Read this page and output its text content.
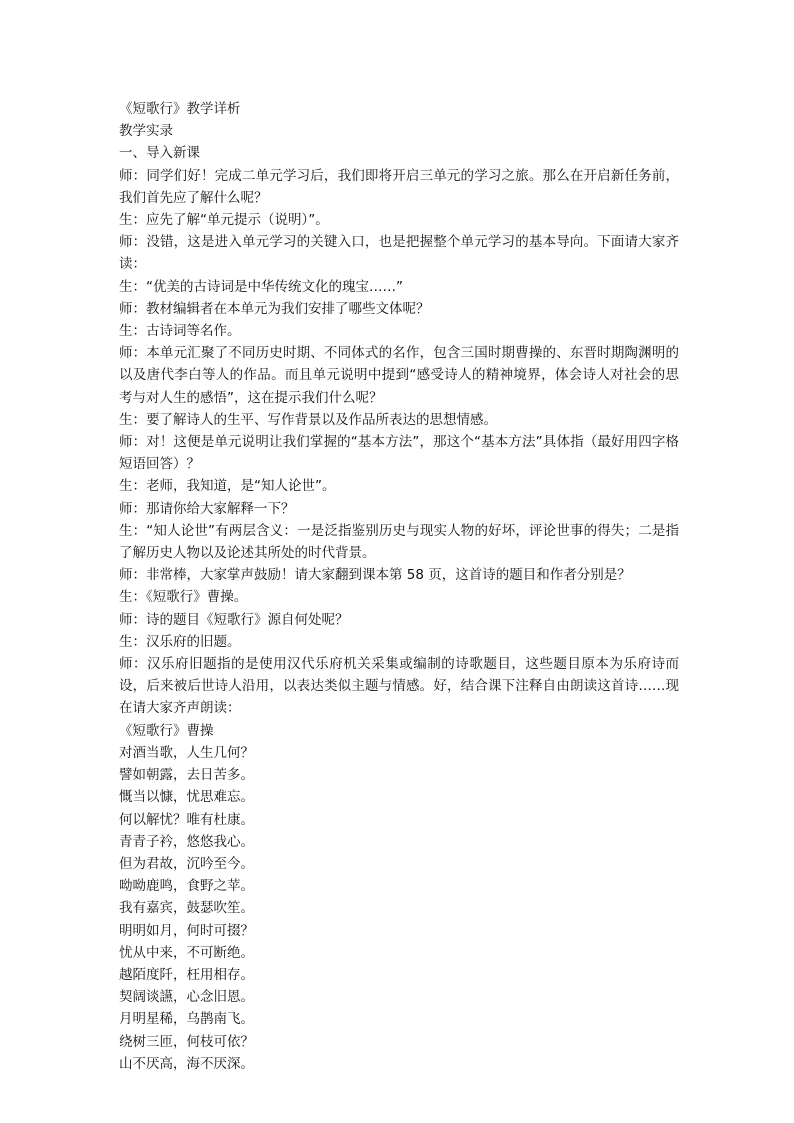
《短歌行》教学详析
教学实录
一、导入新课
师：同学们好！完成二单元学习后，我们即将开启三单元的学习之旅。那么在开启新任务前，我们首先应了解什么呢？
生：应先了解“单元提示（说明）”。
师：没错，这是进入单元学习的关键入口，也是把握整个单元学习的基本导向。下面请大家齐读：
生：“优美的古诗词是中华传统文化的瑰宝……”
师：教材编辑者在本单元为我们安排了哪些文体呢？
生：古诗词等名作。
师：本单元汇聚了不同历史时期、不同体式的名作，包含三国时期曹操的、东晋时期陶渊明的以及唐代李白等人的作品。而且单元说明中提到“感受诗人的精神境界，体会诗人对社会的思考与对人生的感悟”，这在提示我们什么呢？
生：要了解诗人的生平、写作背景以及作品所表达的思想情感。
师：对！这便是单元说明让我们掌握的“基本方法”，那这个“基本方法”具体指（最好用四字格短语回答）？
生：老师，我知道，是“知人论世”。
师：那请你给大家解释一下？
生：“知人论世”有两层含义：一是泛指鉴别历史与现实人物的好坏，评论世事的得失；二是指了解历史人物以及论述其所处的时代背景。
师：非常棒，大家掌声鼓励！请大家翻到课本第 58 页，这首诗的题目和作者分别是？
生：《短歌行》曹操。
师：诗的题目《短歌行》源自何处呢？
生：汉乐府的旧题。
师：汉乐府旧题指的是使用汉代乐府机关采集或编制的诗歌题目，这些题目原本为乐府诗而设，后来被后世诗人沿用，以表达类似主题与情感。好，结合课下注释自由朗读这首诗……现在请大家齐声朗读：
《短歌行》曹操
对酒当歌，人生几何？
譬如朝露，去日苦多。
慨当以慷，忧思难忘。
何以解忧？唯有杜康。
青青子衿，悠悠我心。
但为君故，沉吟至今。
呦呦鹿鸣，食野之苹。
我有嘉宾，鼓瑟吹笙。
明明如月，何时可掇？
忧从中来，不可断绝。
越陌度阡，枉用相存。
契阔谈讌，心念旧恩。
月明星稀，乌鹊南飞。
绕树三匝，何枝可依？
山不厌高，海不厌深。
